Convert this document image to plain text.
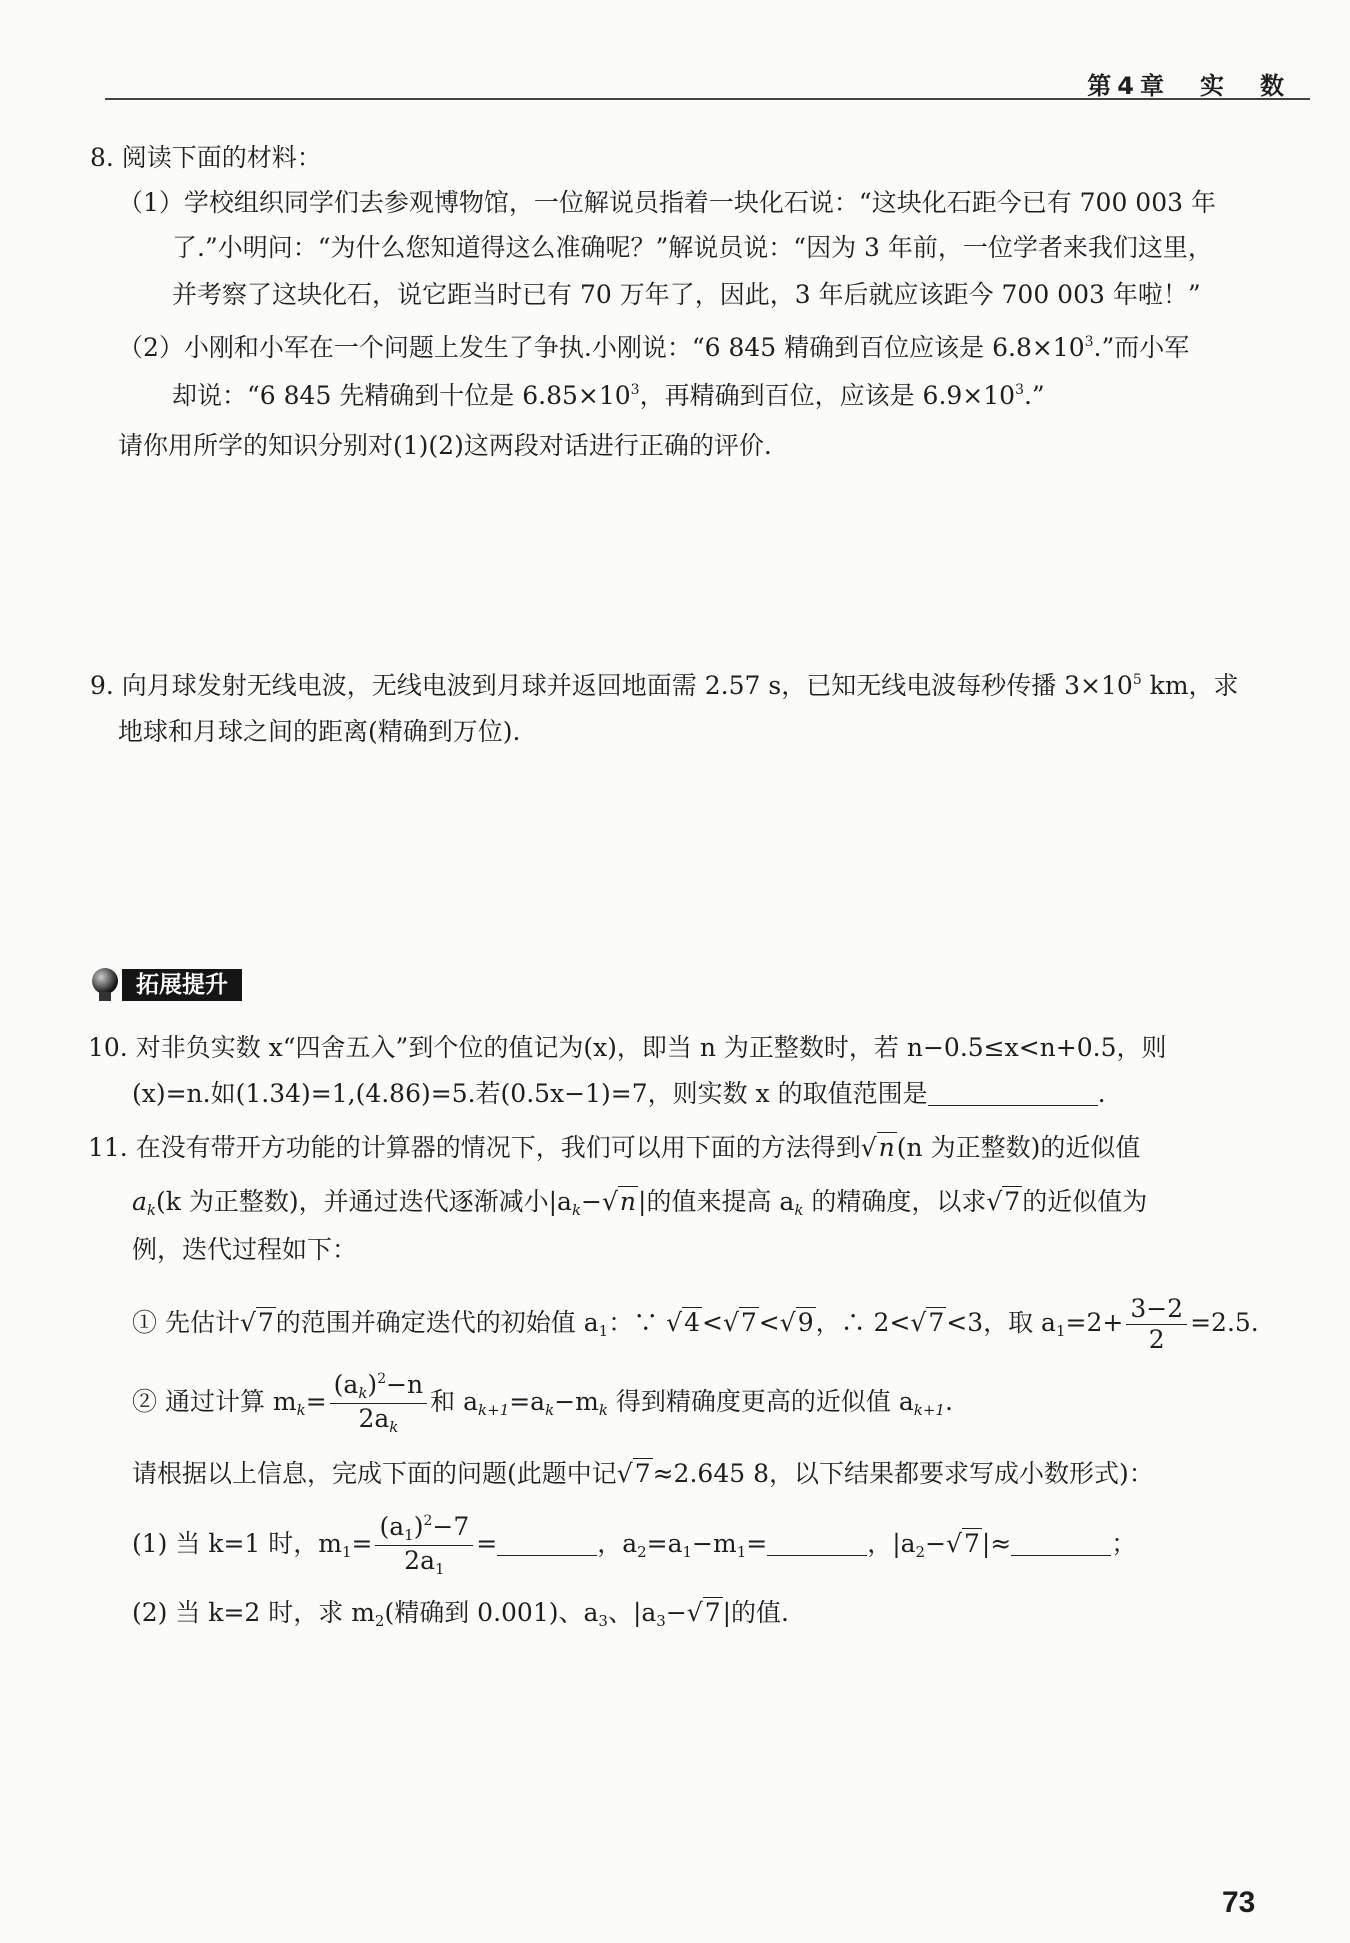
第4章　实　数
8. 阅读下面的材料：
（1）学校组织同学们去参观博物馆，一位解说员指着一块化石说：“这块化石距今已有 700 003 年
了.”小明问：“为什么您知道得这么准确呢？”解说员说：“因为 3 年前，一位学者来我们这里，
并考察了这块化石，说它距当时已有 70 万年了，因此，3 年后就应该距今 700 003 年啦！”
（2）小刚和小军在一个问题上发生了争执.小刚说：“6 845 精确到百位应该是 $6.8\times 10^3$.”而小军
却说：“6 845 先精确到十位是 $6.85\times 10^3$，再精确到百位，应该是 $6.9\times 10^3$.”
请你用所学的知识分别对(1)(2)这两段对话进行正确的评价.
9. 向月球发射无线电波，无线电波到月球并返回地面需 2.57 s，已知无线电波每秒传播 $3\times 10^5$ km，求
地球和月球之间的距离(精确到万位).
拓展提升
10. 对非负实数 x“四舍五入”到个位的值记为(x)，即当 n 为正整数时，若 n−0.5≤x<n+0.5，则
(x)=n.如(1.34)=1,(4.86)=5.若(0.5x−1)=7，则实数 x 的取值范围是	.
11. 在没有带开方功能的计算器的情况下，我们可以用下面的方法得到√n(n 为正整数)的近似值
$a_k(k$ 为正整数)，并通过迭代逐渐减小$|a_k-√n|$的值来提高 $a_k$ 的精确度，以求√7的近似值为
例，迭代过程如下：
① 先估计√7的范围并确定迭代的初始值 $a_1$：∵ √4<√7<√9，∴ 2<√7<3，取 $a_1=2+ \frac{3-2}{2} =2.5$.
② 通过计算 $m_k= \frac{(a_k)^2-n}{2a_k}$ 和 $a_{k+1}=a_k-m_k$ 得到精确度更高的近似值 $a_{k+1}$.
请根据以上信息，完成下面的问题(此题中记√7≈2.645 8，以下结果都要求写成小数形式)：
(1) 当 k=1 时，$m_1= \frac{(a_1)^2-7}{2a_1}$ =	，$a_2=a_1-m_1=$	，$|a_2-√7|\approx$	；
(2) 当 k=2 时，求 $m_2$(精确到 0.001)、$a_3$、$|a_3-√7|$的值.
73
